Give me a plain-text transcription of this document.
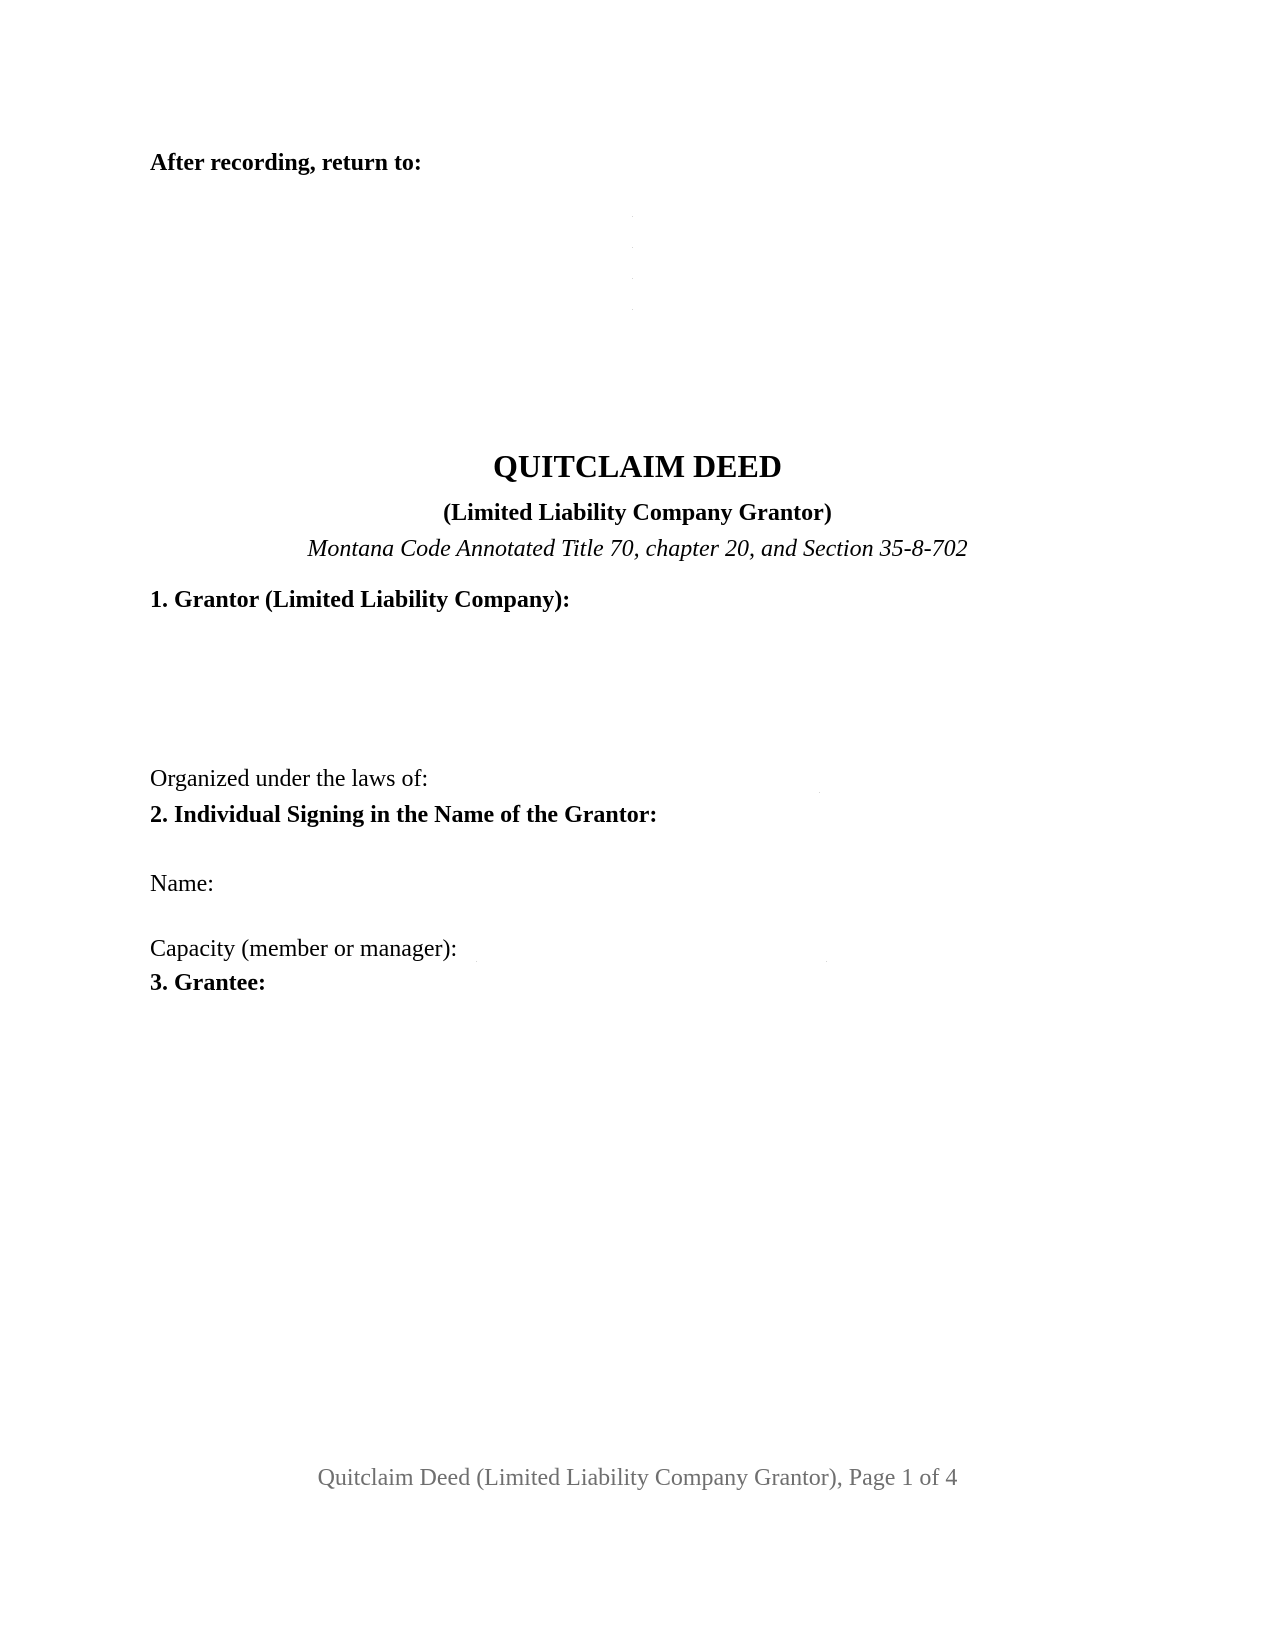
After recording, return to:
QUITCLAIM DEED
(Limited Liability Company Grantor)
Montana Code Annotated Title 70, chapter 20, and Section 35-8-702
1. Grantor (Limited Liability Company):
Organized under the laws of:
2. Individual Signing in the Name of the Grantor:
Name:
Capacity (member or manager):
3. Grantee:
Quitclaim Deed (Limited Liability Company Grantor), Page 1 of 4
